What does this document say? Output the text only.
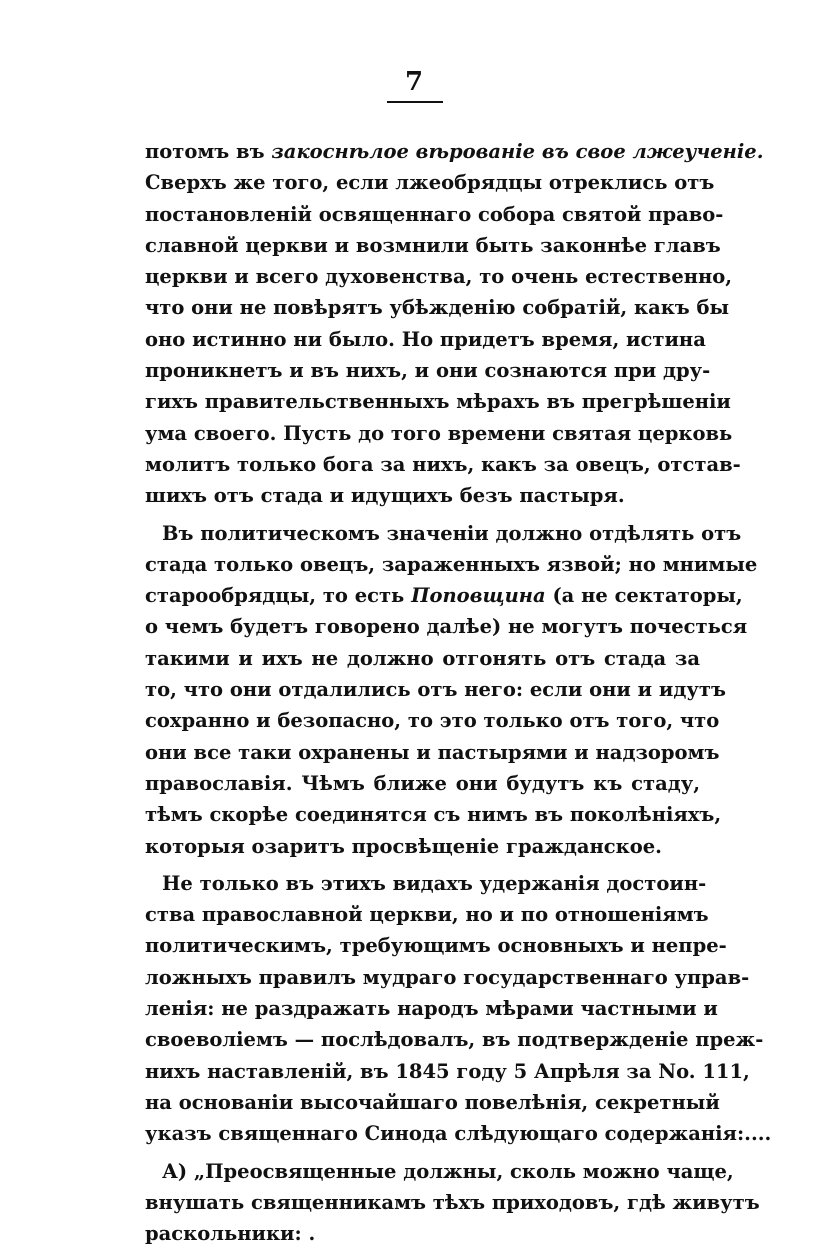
7
потомъ въ закоснѣлое вѣрованіе въ свое лжеученіе.
Сверхъ же того, если лжеобрядцы отреклись отъ
постановленій освященнаго собора святой право-
славной церкви и возмнили быть законнѣе главъ
церкви и всего духовенства, то очень естественно,
что они не повѣрятъ убѣжденію собратій, какъ бы
оно истинно ни было. Но придетъ время, истина
проникнетъ и въ нихъ, и они сознаются при дру-
гихъ правительственныхъ мѣрахъ въ прегрѣшеніи
ума своего. Пусть до того времени святая церковь
молитъ только бога за нихъ, какъ за овецъ, отстав-
шихъ отъ стада и идущихъ безъ пастыря.
Въ политическомъ значеніи должно отдѣлять отъ
стада только овецъ, зараженныхъ язвой; но мнимые
старообрядцы, то есть Поповщина (а не сектаторы,
о чемъ будетъ говорено далѣе) не могутъ почесться
такими и ихъ не должно отгонять отъ стада за
то, что они отдалились отъ него: если они и идутъ
сохранно и безопасно, то это только отъ того, что
они все таки охранены и пастырями и надзоромъ
православія. Чѣмъ ближе они будутъ къ стаду,
тѣмъ скорѣе соединятся съ нимъ въ поколѣніяхъ,
которыя озаритъ просвѣщеніе гражданское.
Не только въ этихъ видахъ удержанія достоин-
ства православной церкви, но и по отношеніямъ
политическимъ, требующимъ основныхъ и непре-
ложныхъ правилъ мудраго государственнаго управ-
ленія: не раздражать народъ мѣрами частными и
своеволіемъ — послѣдовалъ, въ подтвержденіе преж-
нихъ наставленій, въ 1845 году 5 Апрѣля за No. 111,
на основаніи высочайшаго повелѣнія, секретный
указъ священнаго Синода слѣдующаго содержанія:....
А) „Преосвященные должны, сколь можно чаще,
внушать священникамъ тѣхъ приходовъ, гдѣ живутъ
раскольники: .
